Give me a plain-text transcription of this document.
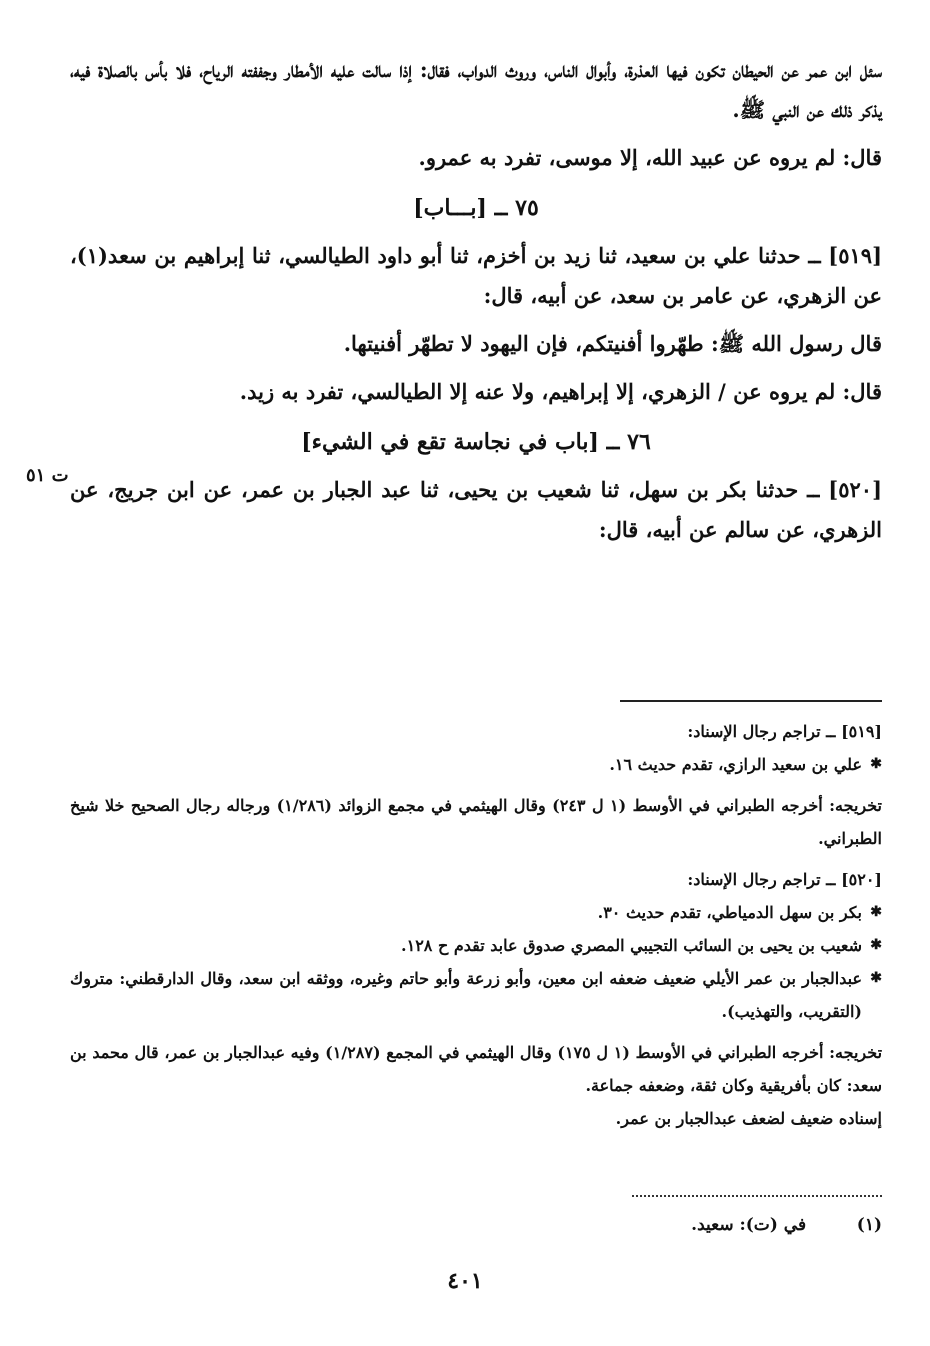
سئل ابن عمر عن الحيطان تكون فيها العذرة، وأبوال الناس، وروث الدواب، فقال: إذا سالت عليه الأمطار وجففته الرياح، فلا بأس بالصلاة فيه، يذكر ذلك عن النبي ﷺ.

قال: لم يروه عن عبيد الله، إلا موسى، تفرد به عمرو.

٧٥ ــ [بـــاب]

[٥١٩] ــ حدثنا علي بن سعيد، ثنا زيد بن أخزم، ثنا أبو داود الطيالسي، ثنا إبراهيم بن سعد(١)، عن الزهري، عن عامر بن سعد، عن أبيه، قال:

قال رسول الله ﷺ: طهّروا أفنيتكم، فإن اليهود لا تطهّر أفنيتها.

قال: لم يروه عن / الزهري، إلا إبراهيم، ولا عنه إلا الطيالسي، تفرد به زيد.

٧٦ ــ [باب في نجاسة تقع في الشيء]

[٥٢٠] ــ حدثنا بكر بن سهل، ثنا شعيب بن يحيى، ثنا عبد الجبار بن عمر، عن ابن جريج، عن الزهري، عن سالم عن أبيه، قال:

ت ٥١

[٥١٩] ــ تراجم رجال الإسناد:

✱ علي بن سعيد الرازي، تقدم حديث ١٦.

تخريجه: أخرجه الطبراني في الأوسط (١ ل ٢٤٣) وقال الهيثمي في مجمع الزوائد (١/٢٨٦) ورجاله رجال الصحيح خلا شيخ الطبراني.

[٥٢٠] ــ تراجم رجال الإسناد:

✱ بكر بن سهل الدمياطي، تقدم حديث ٣٠.

✱ شعيب بن يحيى بن السائب التجيبي المصري صدوق عابد تقدم ح ١٢٨.

✱ عبدالجبار بن عمر الأيلي ضعيف ضعفه ابن معين، وأبو زرعة وأبو حاتم وغيره، ووثقه ابن سعد، وقال الدارقطني: متروك (التقريب، والتهذيب).

تخريجه: أخرجه الطبراني في الأوسط (١ ل ١٧٥) وقال الهيثمي في المجمع (١/٢٨٧) وفيه عبدالجبار بن عمر، قال محمد بن سعد: كان بأفريقية وكان ثقة، وضعفه جماعة.

إسناده ضعيف لضعف عبدالجبار بن عمر.

(١) في (ت): سعيد.
٤٠١
